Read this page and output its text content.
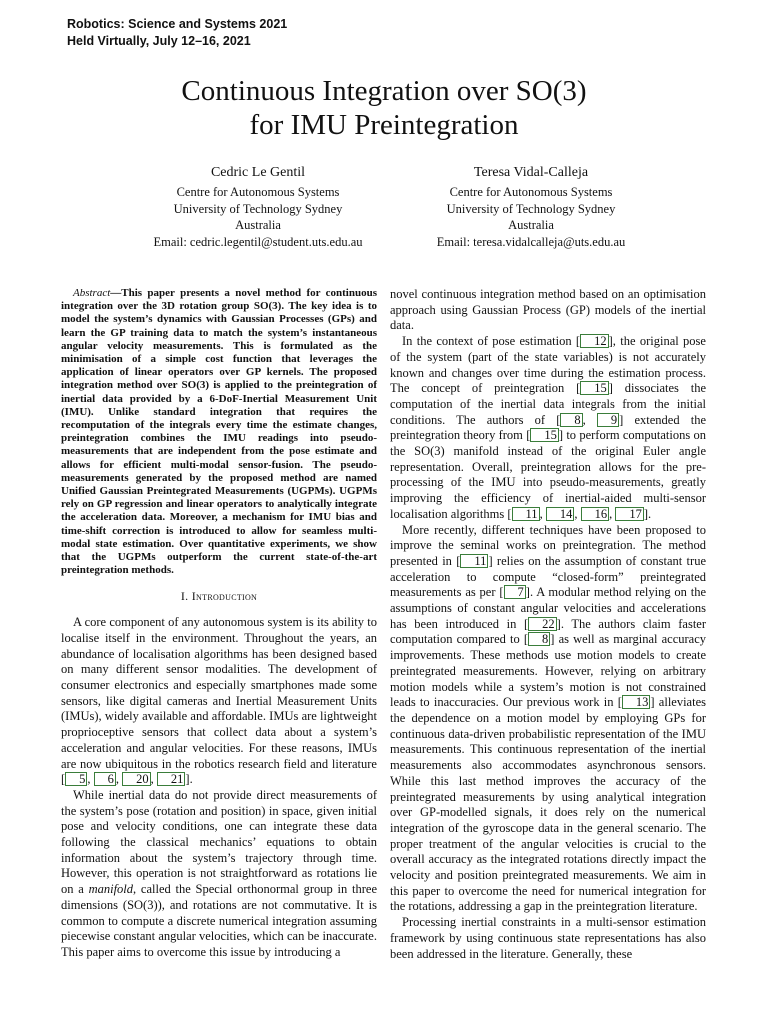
Robotics: Science and Systems 2021
Held Virtually, July 12–16, 2021
Continuous Integration over SO(3)
for IMU Preintegration
Cedric Le Gentil
Centre for Autonomous Systems
University of Technology Sydney
Australia
Email: cedric.legentil@student.uts.edu.au
Teresa Vidal-Calleja
Centre for Autonomous Systems
University of Technology Sydney
Australia
Email: teresa.vidalcalleja@uts.edu.au

Abstract—This paper presents a novel method for continuous integration over the 3D rotation group SO(3). The key idea is to model the system’s dynamics with Gaussian Processes (GPs) and learn the GP training data to match the system’s instantaneous angular velocity measurements. This is formulated as the minimisation of a simple cost function that leverages the application of linear operators over GP kernels. The proposed integration method over SO(3) is applied to the preintegration of inertial data provided by a 6-DoF-Inertial Measurement Unit (IMU). Unlike standard integration that requires the recomputation of the integrals every time the estimate changes, preintegration combines the IMU readings into pseudo-measurements that are independent from the pose estimate and allows for efficient multi-modal sensor-fusion. The pseudo-measurements generated by the proposed method are named Unified Gaussian Preintegrated Measurements (UGPMs). UGPMs rely on GP regression and linear operators to analytically integrate the acceleration data. Moreover, a mechanism for IMU bias and time-shift correction is introduced to allow for seamless multi-modal state estimation. Over quantitative experiments, we show that the UGPMs outperform the current state-of-the-art preintegration methods.

I. Introduction

A core component of any autonomous system is its ability to localise itself in the environment. Throughout the years, an abundance of localisation algorithms has been designed based on many different sensor modalities. The development of consumer electronics and especially smartphones made some sensors, like digital cameras and Inertial Measurement Units (IMUs), widely available and affordable. IMUs are lightweight proprioceptive sensors that collect data about a system’s acceleration and angular velocities. For these reasons, IMUs are now ubiquitous in the robotics research field and literature [ 5 , 6 , 20 , 21 ].

While inertial data do not provide direct measurements of the system’s pose (rotation and position) in space, given initial pose and velocity conditions, one can integrate these data following the classical mechanics’ equations to obtain information about the system’s trajectory through time. However, this operation is not straightforward as rotations lie on a manifold, called the Special orthonormal group in three dimensions (SO(3)), and rotations are not commutative. It is common to compute a discrete numerical integration assuming piecewise constant angular velocities, which can be inaccurate. This paper aims to overcome this issue by introducing a

novel continuous integration method based on an optimisation approach using Gaussian Process (GP) models of the inertial data.

In the context of pose estimation [ 12 ], the original pose of the system (part of the state variables) is not accurately known and changes over time during the estimation process. The concept of preintegration [ 15 ] dissociates the computation of the inertial data integrals from the initial conditions. The authors of [ 8 , 9 ] extended the preintegration theory from [ 15 ] to perform computations on the SO(3) manifold instead of the original Euler angle representation. Overall, preintegration allows for the pre-processing of the IMU into pseudo-measurements, greatly improving the efficiency of inertial-aided multi-sensor localisation algorithms [ 11 , 14 , 16 , 17 ].

More recently, different techniques have been proposed to improve the seminal works on preintegration. The method presented in [ 11 ] relies on the assumption of constant true acceleration to compute “closed-form” preintegrated measurements as per [ 7 ]. A modular method relying on the assumptions of constant angular velocities and accelerations has been introduced in [ 22 ]. The authors claim faster computation compared to [ 8 ] as well as marginal accuracy improvements. These methods use motion models to create preintegrated measurements. However, relying on arbitrary motion models while a system’s motion is not constrained leads to inaccuracies. Our previous work in [ 13 ] alleviates the dependence on a motion model by employing GPs for continuous data-driven probabilistic representation of the IMU measurements. This continuous representation of the inertial measurements also accommodates asynchronous sensors. While this last method improves the accuracy of the preintegrated measurements by using analytical integration over GP-modelled signals, it does rely on the numerical integration of the gyroscope data in the general scenario. The proper treatment of the angular velocities is crucial to the overall accuracy as the integrated rotations directly impact the velocity and position preintegrated measurements. We aim in this paper to overcome the need for numerical integration for the rotations, addressing a gap in the preintegration literature.

Processing inertial constraints in a multi-sensor estimation framework by using continuous state representations has also been addressed in the literature. Generally, these
